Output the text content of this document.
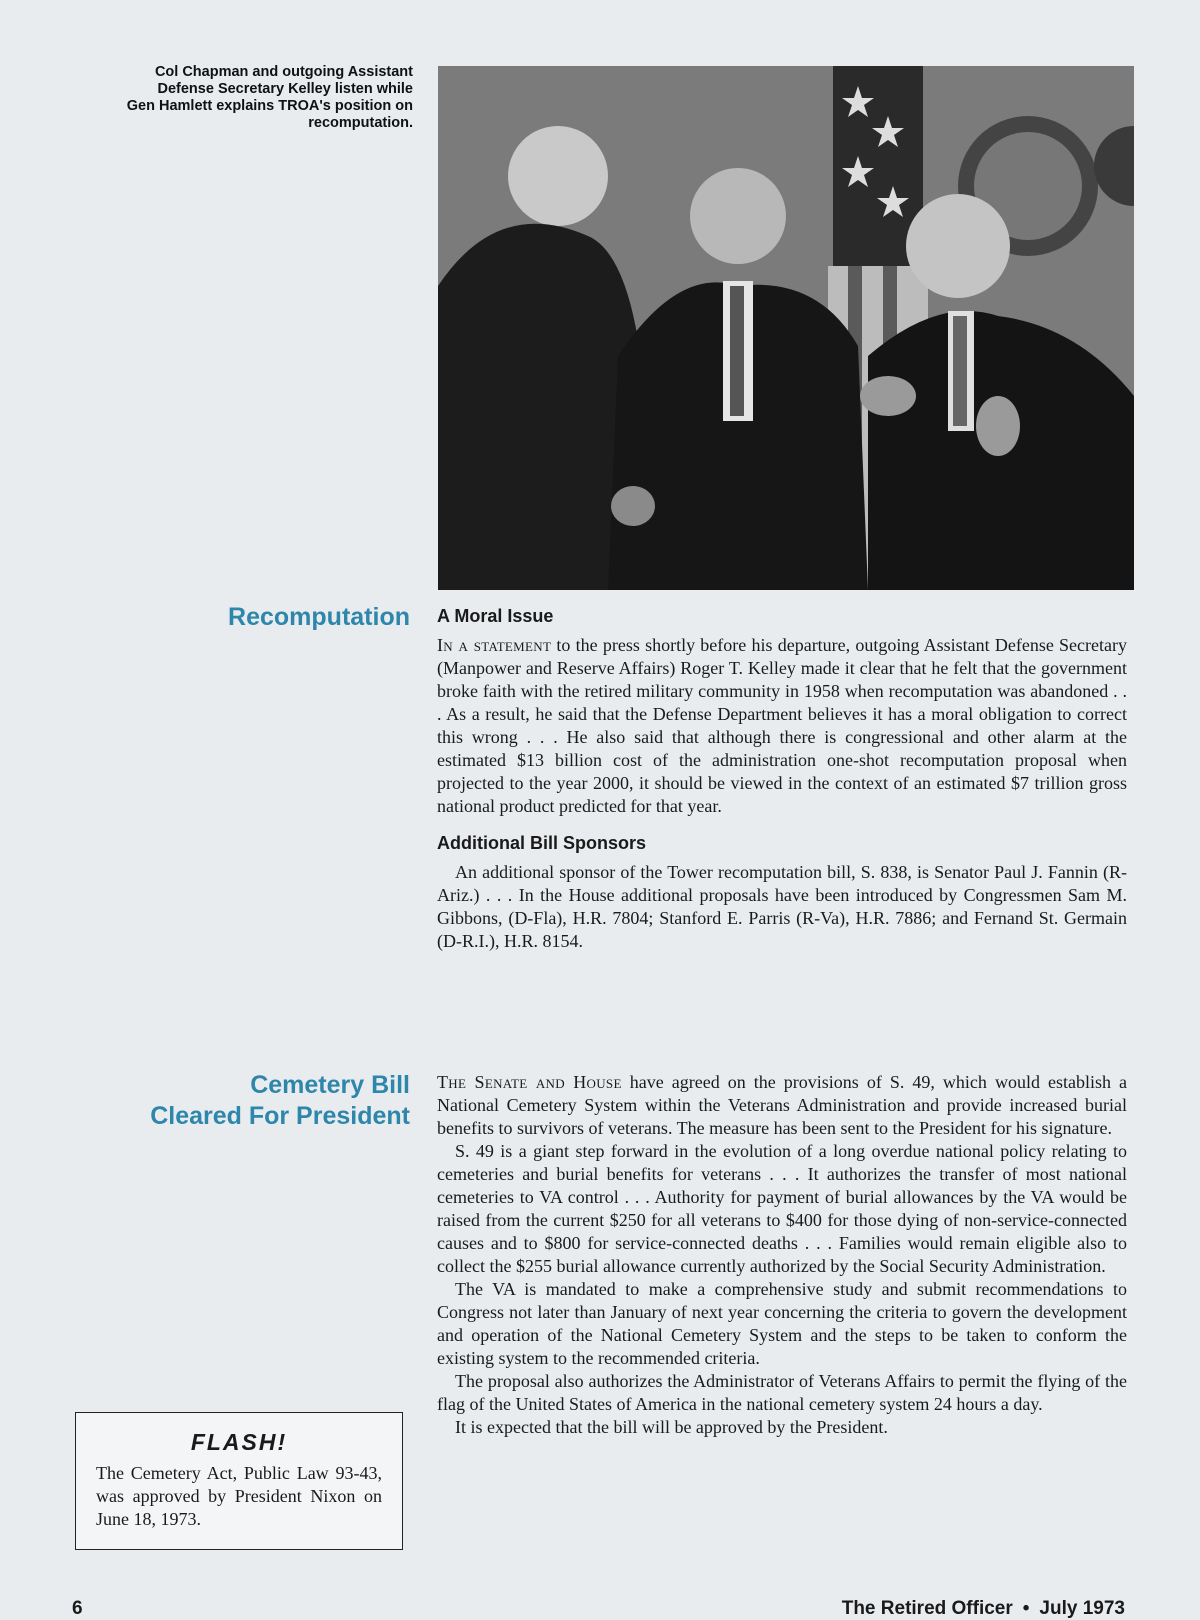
Col Chapman and outgoing Assistant
Defense Secretary Kelley listen while
Gen Hamlett explains TROA's position on
recomputation.
Recomputation A Moral Issue

In a statement to the press shortly before his departure, outgoing Assistant Defense Secretary (Manpower and Reserve Affairs) Roger T. Kelley made it clear that he felt that the government broke faith with the retired military community in 1958 when recomputation was abandoned . . . As a result, he said that the Defense Department believes it has a moral obligation to correct this wrong . . . He also said that although there is congressional and other alarm at the estimated $13 billion cost of the administration one-shot recomputation proposal when projected to the year 2000, it should be viewed in the context of an estimated $7 trillion gross national product predicted for that year.

Additional Bill Sponsors

An additional sponsor of the Tower recomputation bill, S. 838, is Senator Paul J. Fannin (R-Ariz.) . . . In the House additional proposals have been introduced by Congressmen Sam M. Gibbons, (D-Fla), H.R. 7804; Stanford E. Parris (R-Va), H.R. 7886; and Fernand St. Germain (D-R.I.), H.R. 8154.

Cemetery Bill
Cleared For President

The Senate and House have agreed on the provisions of S. 49, which would establish a National Cemetery System within the Veterans Administration and provide increased burial benefits to survivors of veterans. The measure has been sent to the President for his signature.

S. 49 is a giant step forward in the evolution of a long overdue national policy relating to cemeteries and burial benefits for veterans . . . It authorizes the transfer of most national cemeteries to VA control . . . Authority for payment of burial allowances by the VA would be raised from the current $250 for all veterans to $400 for those dying of non-service-connected causes and to $800 for service-connected deaths . . . Families would remain eligible also to collect the $255 burial allowance currently authorized by the Social Security Administration.

The VA is mandated to make a comprehensive study and submit recommendations to Congress not later than January of next year concerning the criteria to govern the development and operation of the National Cemetery System and the steps to be taken to conform the existing system to the recommended criteria.

The proposal also authorizes the Administrator of Veterans Affairs to permit the flying of the flag of the United States of America in the national cemetery system 24 hours a day.

It is expected that the bill will be approved by the President.

FLASH!
The Cemetery Act, Public Law 93-43, was approved by President Nixon on June 18, 1973.
6	The Retired Officer • July 1973
